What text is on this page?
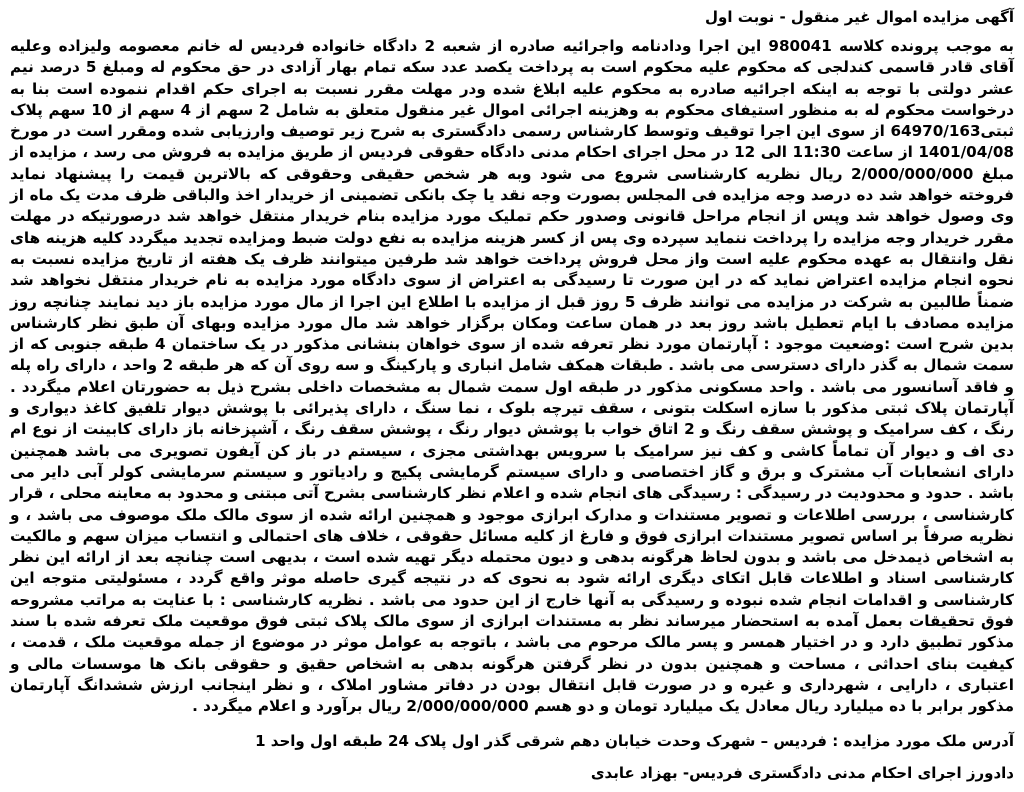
آگهی مزایده اموال غیر منقول - نوبت اول

به موجب پرونده کلاسه 980041 این اجرا ودادنامه واجرائیه صادره از شعبه 2 دادگاه خانواده فردیس له خانم معصومه ولیزاده وعلیه آقای قادر قاسمی کندلجی که محکوم علیه محکوم است به پرداخت یکصد عدد سکه تمام بهار آزادی در حق محکوم له ومبلغ 5 درصد نیم عشر دولتی با توجه به اینکه اجرائیه صادره به محکوم علیه ابلاغ شده ودر مهلت مقرر نسبت به اجرای حکم اقدام ننموده است بنا به درخواست محکوم له به منظور استیفای محکوم به وهزینه اجرائی اموال غیر منقول متعلق به شامل 2 سهم از 4 سهم از 10 سهم پلاک ثبتی64970/163 از سوی این اجرا توقیف وتوسط کارشناس رسمی دادگستری به شرح زیر توصیف وارزیابی شده ومقرر است در مورخ 1401/04/08 از ساعت 11:30 الی 12 در محل اجرای احکام مدنی دادگاه حقوقی فردیس از طریق مزایده به فروش می رسد ، مزایده از مبلغ 2/000/000/000 ریال نظریه کارشناسی شروع می شود وبه هر شخص حقیقی وحقوقی که بالاترین قیمت را پیشنهاد نماید فروخته خواهد شد ده درصد وجه مزایده فی المجلس بصورت وجه نقد یا چک بانکی تضمینی از خریدار اخذ والباقی ظرف مدت یک ماه از وی وصول خواهد شد وپس از انجام مراحل قانونی وصدور حکم تملیک مورد مزایده بنام خریدار منتقل خواهد شد درصورتیکه در مهلت مقرر خریدار وجه مزایده را پرداخت ننماید سپرده وی پس از کسر هزینه مزایده به نفع دولت ضبط ومزایده تجدید میگردد کلیه هزینه های نقل وانتقال به عهده محکوم علیه است واز محل فروش پرداخت خواهد شد طرفین میتوانند ظرف یک هفته از تاریخ مزایده نسبت به نحوه انجام مزایده اعتراض نماید که در این صورت تا رسیدگی به اعتراض از سوی دادگاه مورد مزایده به نام خریدار منتقل نخواهد شد ضمناً طالبین به شرکت در مزایده می توانند ظرف 5 روز قبل از مزایده با اطلاع این اجرا از مال مورد مزایده باز دید نمایند چنانچه روز مزایده مصادف با ایام تعطیل باشد روز بعد در همان ساعت ومکان برگزار خواهد شد مال مورد مزایده وبهای آن طبق نظر کارشناس بدین شرح است :وضعیت موجود : آپارتمان مورد نظر تعرفه شده از سوی خواهان بنشانی مذکور در یک ساختمان 4 طبقه جنوبی که از سمت شمال به گذر دارای دسترسی می باشد . طبقات همکف شامل انباری و پارکینگ و سه روی آن که هر طبقه 2 واحد ، دارای راه پله و فاقد آسانسور می باشد . واحد مسکونی مذکور در طبقه اول سمت شمال به مشخصات داخلی بشرح ذیل به حضورتان اعلام میگردد . آپارتمان پلاک ثبتی مذکور با سازه اسکلت بتونی ، سقف تیرچه بلوک ، نما سنگ ، دارای پذیرائی با پوشش دیوار تلفیق کاغذ دیواری و رنگ ، کف سرامیک و پوشش سقف رنگ و 2 اتاق خواب با پوشش دیوار رنگ ، پوشش سقف رنگ ، آشپزخانه باز دارای کابینت از نوع ام دی اف و دیوار آن تماماً کاشی و کف نیز سرامیک با سرویس بهداشتی مجزی ، سیستم در باز کن آیفون تصویری می باشد همچنین دارای انشعابات آب مشترک و برق و گاز اختصاصی و دارای سیستم گرمایشی پکیج و رادیاتور و سیستم سرمایشی کولر آبی دایر می باشد . حدود و محدودیت در رسیدگی : رسیدگی های انجام شده و اعلام نظر کارشناسی بشرح آتی مبتنی و محدود به معاینه محلی ، قرار کارشناسی ، بررسی اطلاعات و تصویر مستندات و مدارک ابرازی موجود و همچنین ارائه شده از سوی مالک ملک موصوف می باشد ، و نظریه صرفاً بر اساس تصویر مستندات ابرازی فوق و فارغ از کلیه مسائل حقوقی ، خلاف های احتمالی و انتساب میزان سهم و مالکیت به اشخاص ذیمدخل می باشد و بدون لحاظ هرگونه بدهی و دیون محتمله دیگر تهیه شده است ، بدیهی است چنانچه بعد از ارائه این نظر کارشناسی اسناد و اطلاعات قابل اتکای دیگری ارائه شود به نحوی که در نتیجه گیری حاصله موثر واقع گردد ، مسئولیتی متوجه این کارشناسی و اقدامات انجام شده نبوده و رسیدگی به آنها خارج از این حدود می باشد . نظریه کارشناسی : با عنایت به مراتب مشروحه فوق تحقیقات بعمل آمده به استحضار میرساند نظر به مستندات ابرازی از سوی مالک پلاک ثبتی فوق موقعیت ملک تعرفه شده با سند مذکور تطبیق دارد و در اختیار همسر و پسر مالک مرحوم می باشد ، باتوجه به عوامل موثر در موضوع از جمله موقعیت ملک ، قدمت ، کیفیت بنای احداثی ، مساحت و همچنین بدون در نظر گرفتن هرگونه بدهی به اشخاص حقیق و حقوقی بانک ها موسسات مالی و اعتباری ، دارایی ، شهرداری و غیره و در صورت قابل انتقال بودن در دفاتر مشاور املاک ، و نظر اینجانب ارزش ششدانگ آپارتمان مذکور برابر با ده میلیارد ریال معادل یک میلیارد تومان و دو هسم 2/000/000/000 ریال برآورد و اعلام میگردد .

آدرس ملک مورد مزایده : فردیس – شهرک وحدت خیابان دهم شرقی گذر اول پلاک 24 طبقه اول واحد 1
دادورز اجرای احکام مدنی دادگستری فردیس- بهزاد عابدی
